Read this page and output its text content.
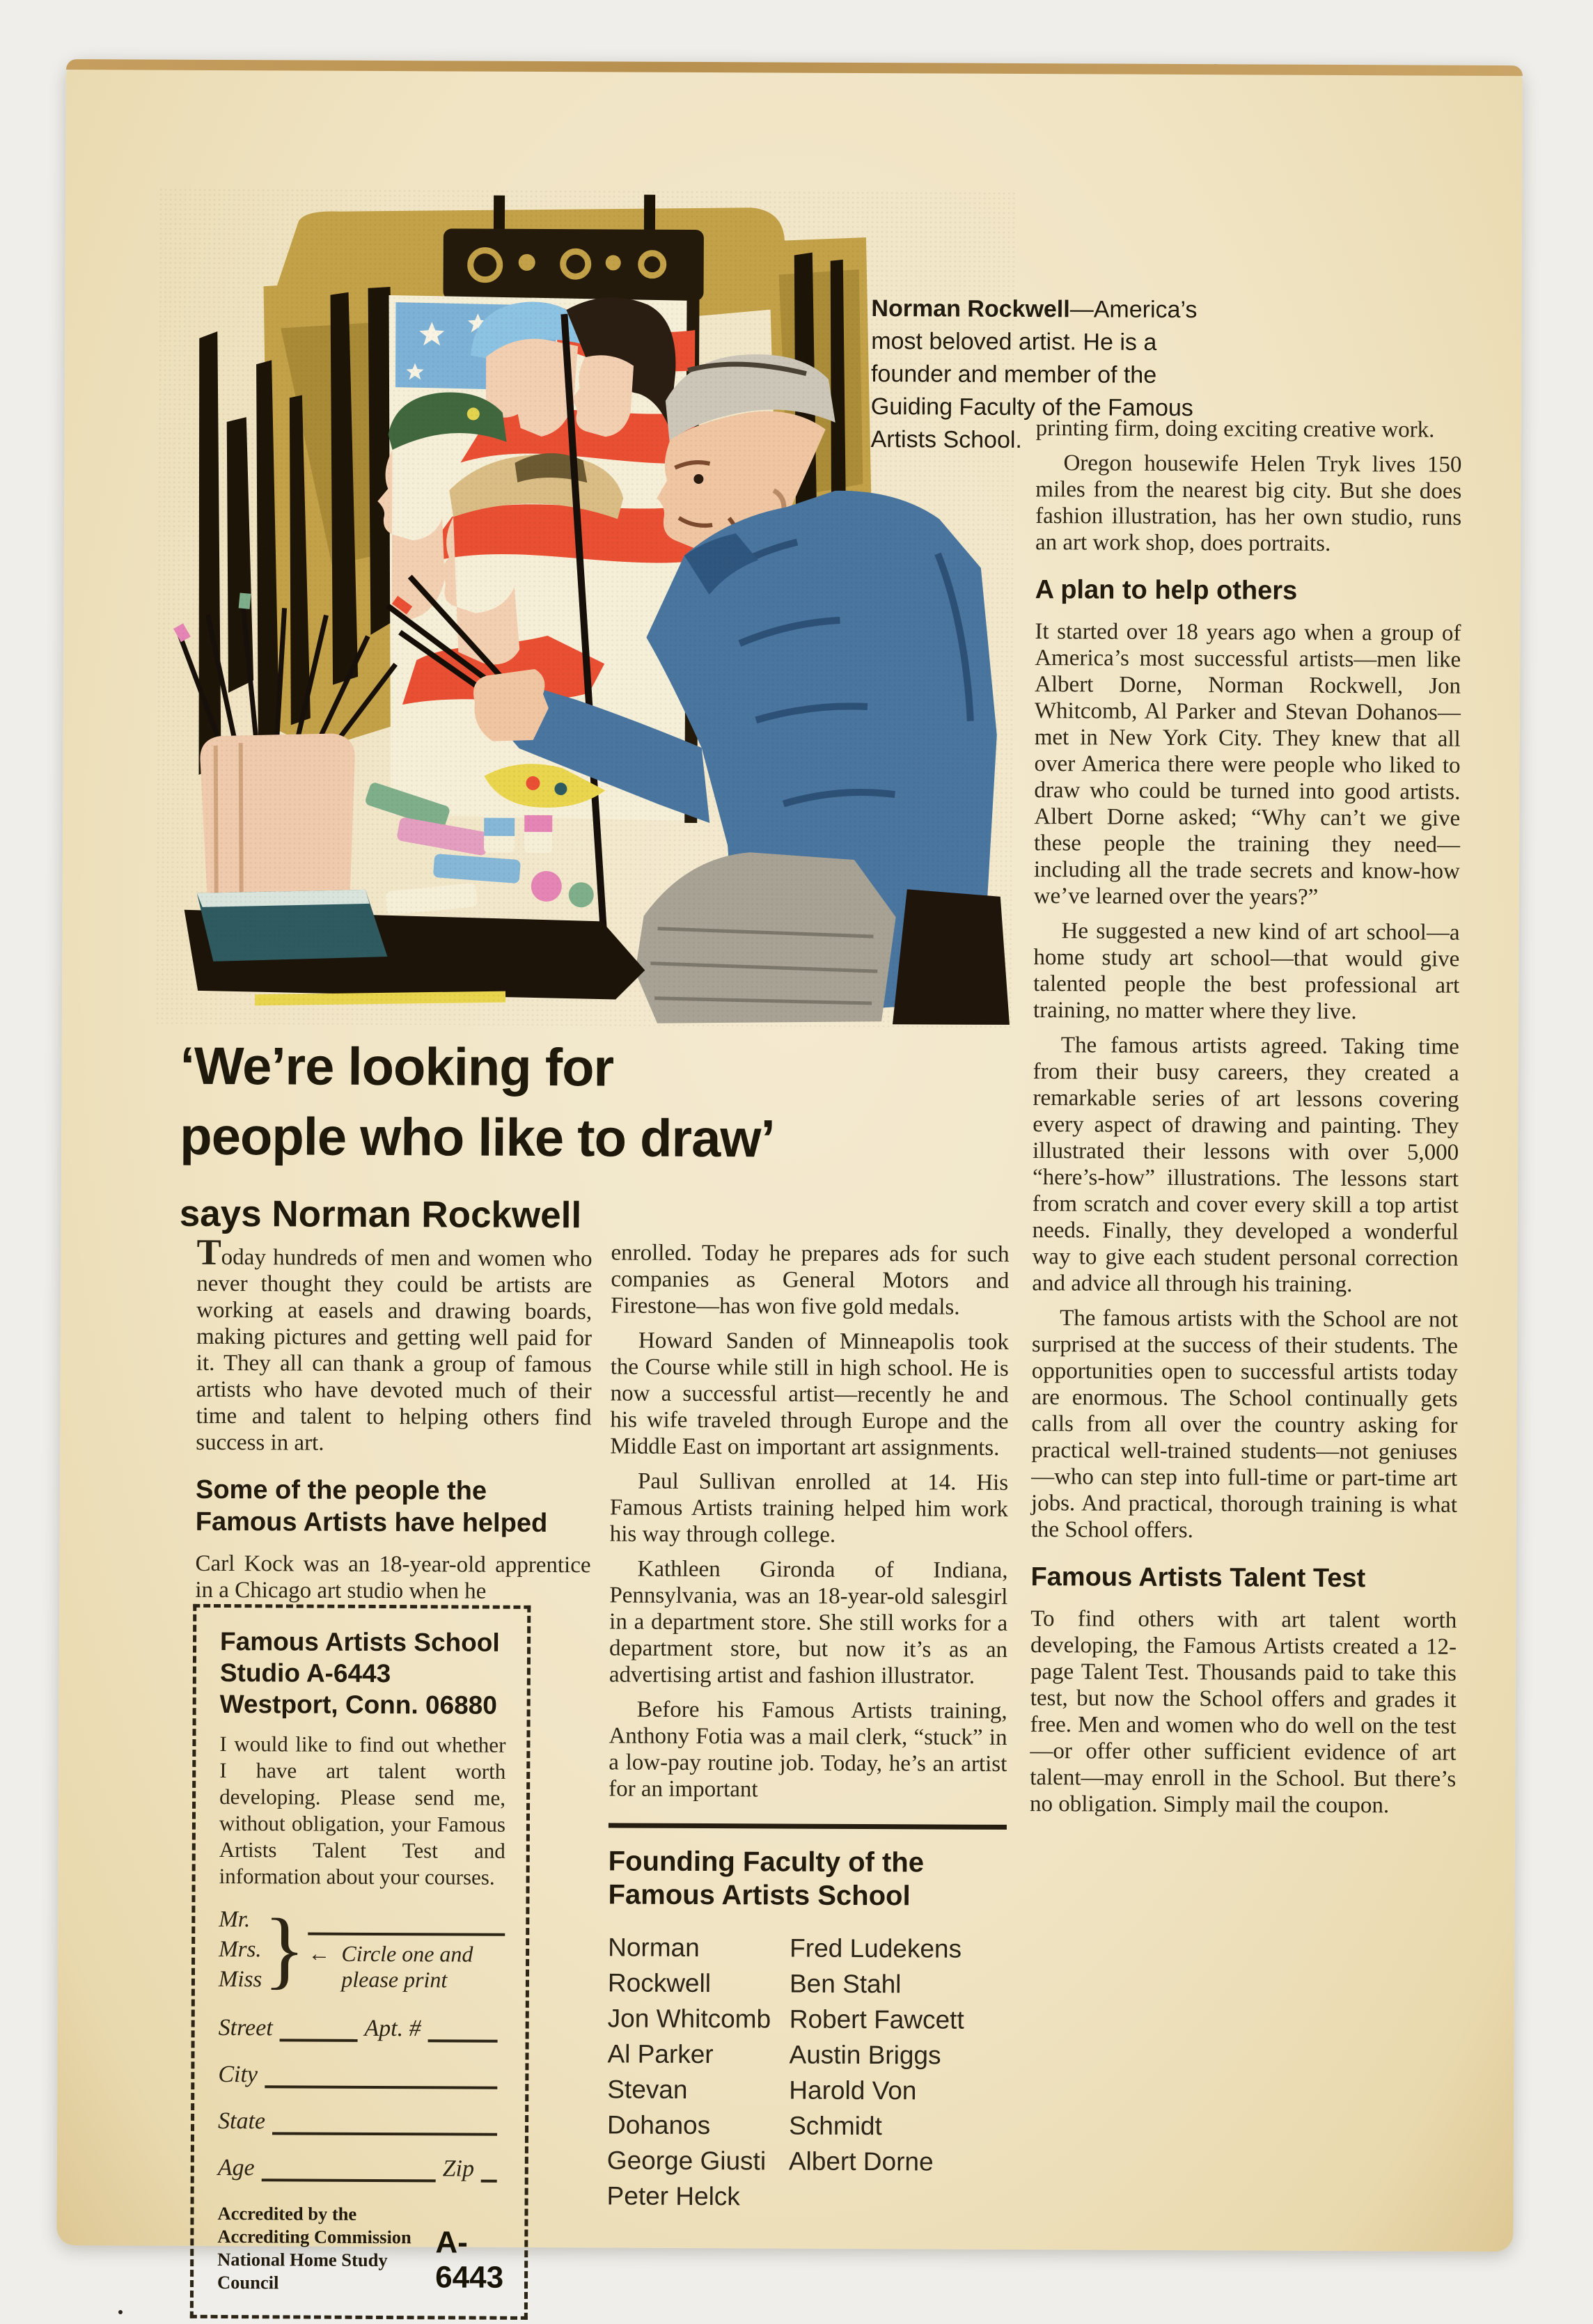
Norman Rockwell—America’s most beloved artist. He is a founder and member of the Guiding Faculty of the Famous Artists School.
‘We’re looking for
people who like to draw’
says Norman Rockwell

Today hundreds of men and women who never thought they could be artists are working at easels and drawing boards, making pictures and getting well paid for it. They all can thank a group of famous artists who have devoted much of their time and talent to helping others find success in art.

Some of the people the Famous Artists have helped

Carl Kock was an 18-year-old apprentice in a Chicago art studio when he

Famous Artists School
Studio A-6443
Westport, Conn. 06880
I would like to find out whether I have art talent worth developing. Please send me, without obligation, your Famous Artists Talent Test and information about your courses.
Mr.
Mrs.
Miss } ← Circle one and please print
Street	Apt. #
City
State
Age	Zip
Accredited by the Accrediting Commission
National Home Study Council
A-6443

enrolled. Today he prepares ads for such companies as General Motors and Firestone—has won five gold medals.

Howard Sanden of Minneapolis took the Course while still in high school. He is now a successful artist—recently he and his wife traveled through Europe and the Middle East on important art assignments.

Paul Sullivan enrolled at 14. His Famous Artists training helped him work his way through college.

Kathleen Gironda of Indiana, Pennsylvania, was an 18-year-old salesgirl in a department store. She still works for a department store, but now it’s as an advertising artist and fashion illustrator.

Before his Famous Artists training, Anthony Fotia was a mail clerk, “stuck” in a low-pay routine job. Today, he’s an artist for an important

Founding Faculty of the Famous Artists School
Norman Rockwell
Jon Whitcomb
Al Parker
Stevan Dohanos
George Giusti
Peter Helck
Fred Ludekens
Ben Stahl
Robert Fawcett
Austin Briggs
Harold Von Schmidt
Albert Dorne

printing firm, doing exciting creative work.

Oregon housewife Helen Tryk lives 150 miles from the nearest big city. But she does fashion illustration, has her own studio, runs an art work shop, does portraits.

A plan to help others

It started over 18 years ago when a group of America’s most successful artists—men like Albert Dorne, Norman Rockwell, Jon Whitcomb, Al Parker and Stevan Dohanos—met in New York City. They knew that all over America there were people who liked to draw who could be turned into good artists. Albert Dorne asked; “Why can’t we give these people the training they need—including all the trade secrets and know-how we’ve learned over the years?”

He suggested a new kind of art school—a home study art school—that would give talented people the best professional art training, no matter where they live.

The famous artists agreed. Taking time from their busy careers, they created a remarkable series of art lessons covering every aspect of drawing and painting. They illustrated their lessons with over 5,000 “here’s-how” illustrations. The lessons start from scratch and cover every skill a top artist needs. Finally, they developed a wonderful way to give each student personal correction and advice all through his training.

The famous artists with the School are not surprised at the success of their students. The opportunities open to successful artists today are enormous. The School continually gets calls from all over the country asking for practical well-trained students—not geniuses—who can step into full-time or part-time art jobs. And practical, thorough training is what the School offers.

Famous Artists Talent Test

To find others with art talent worth developing, the Famous Artists created a 12-page Talent Test. Thousands paid to take this test, but now the School offers and grades it free. Men and women who do well on the test—or offer other sufficient evidence of art talent—may enroll in the School. But there’s no obligation. Simply mail the coupon.
